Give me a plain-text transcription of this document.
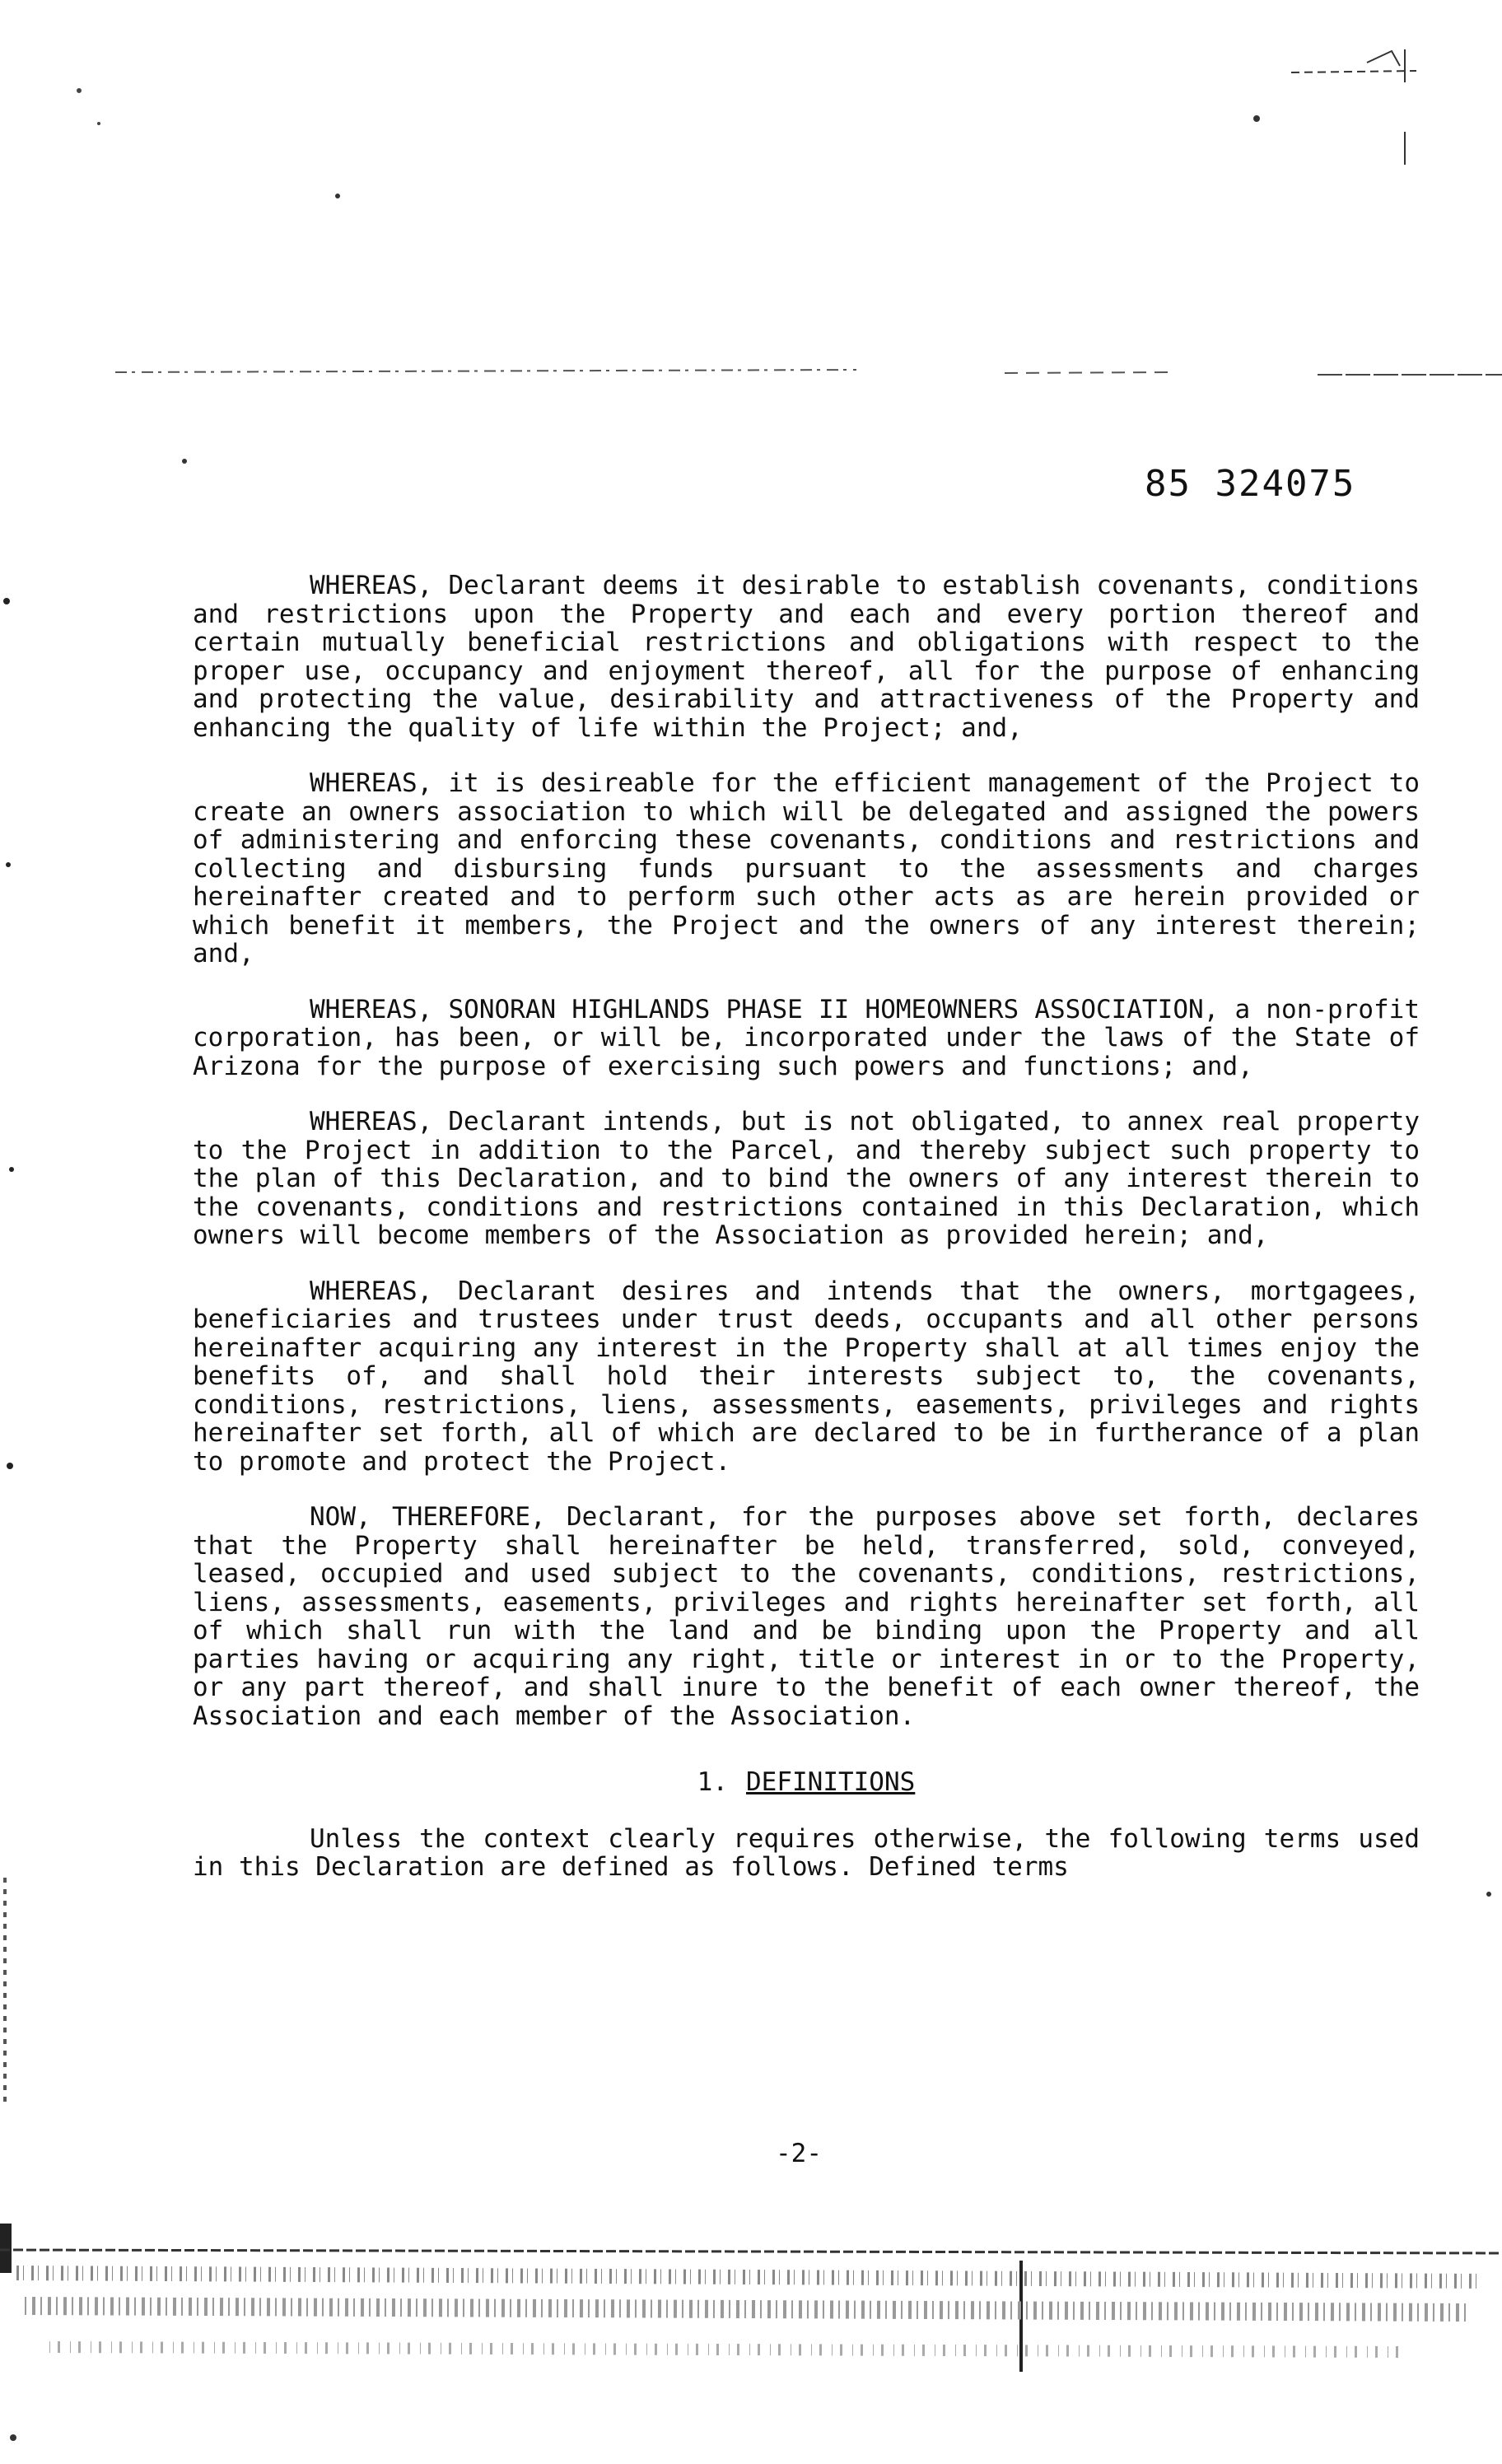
85 324075

WHEREAS, Declarant deems it desirable to establish covenants, conditions and restrictions upon the Property and each and every portion thereof and certain mutually beneficial restrictions and obligations with respect to the proper use, occupancy and enjoyment thereof, all for the purpose of enhancing and protecting the value, desirability and attractiveness of the Property and enhancing the quality of life within the Project; and,

WHEREAS, it is desireable for the efficient management of the Project to create an owners association to which will be delegated and assigned the powers of administering and enforcing these covenants, conditions and restrictions and collecting and disbursing funds pursuant to the assessments and charges hereinafter created and to perform such other acts as are herein provided or which benefit it members, the Project and the owners of any interest therein; and,

WHEREAS, SONORAN HIGHLANDS PHASE II HOMEOWNERS ASSOCIATION, a non-profit corporation, has been, or will be, incorporated under the laws of the State of Arizona for the purpose of exercising such powers and functions; and,

WHEREAS, Declarant intends, but is not obligated, to annex real property to the Project in addition to the Parcel, and thereby subject such property to the plan of this Declaration, and to bind the owners of any interest therein to the covenants, conditions and restrictions contained in this Declaration, which owners will become members of the Association as provided herein; and,

WHEREAS, Declarant desires and intends that the owners, mortgagees, beneficiaries and trustees under trust deeds, occupants and all other persons hereinafter acquiring any interest in the Property shall at all times enjoy the benefits of, and shall hold their interests subject to, the covenants, conditions, restrictions, liens, assessments, easements, privileges and rights hereinafter set forth, all of which are declared to be in furtherance of a plan to promote and protect the Project.

NOW, THEREFORE, Declarant, for the purposes above set forth, declares that the Property shall hereinafter be held, transferred, sold, conveyed, leased, occupied and used subject to the covenants, conditions, restrictions, liens, assessments, easements, privileges and rights hereinafter set forth, all of which shall run with the land and be binding upon the Property and all parties having or acquiring any right, title or interest in or to the Property, or any part thereof, and shall inure to the benefit of each owner thereof, the Association and each member of the Association.

1. DEFINITIONS

Unless the context clearly requires otherwise, the following terms used in this Declaration are defined as follows. Defined terms

-2-
